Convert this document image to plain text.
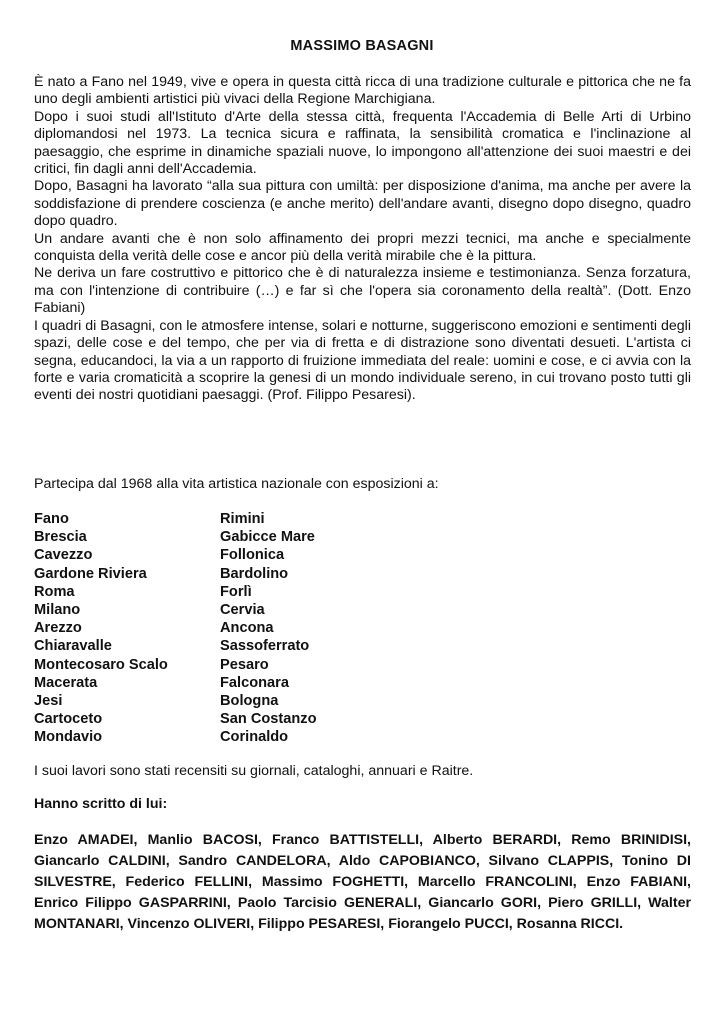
MASSIMO BASAGNI

È nato a Fano nel 1949, vive e opera in questa città ricca di una tradizione culturale e pittorica che ne fa uno degli ambienti artistici più vivaci della Regione Marchigiana.

Dopo i suoi studi all'Istituto d'Arte della stessa città, frequenta l'Accademia di Belle Arti di Urbino diplomandosi nel 1973. La tecnica sicura e raffinata, la sensibilità cromatica e l'inclinazione al paesaggio, che esprime in dinamiche spaziali nuove, lo impongono all'attenzione dei suoi maestri e dei critici, fin dagli anni dell'Accademia.

Dopo, Basagni ha lavorato “alla sua pittura con umiltà: per disposizione d'anima, ma anche per avere la soddisfazione di prendere coscienza (e anche merito) dell'andare avanti, disegno dopo disegno, quadro dopo quadro.

Un andare avanti che è non solo affinamento dei propri mezzi tecnici, ma anche e specialmente conquista della verità delle cose e ancor più della verità mirabile che è la pittura.

Ne deriva un fare costruttivo e pittorico che è di naturalezza insieme e testimonianza. Senza forzatura, ma con l'intenzione di contribuire (…) e far sì che l'opera sia coronamento della realtà”. (Dott. Enzo Fabiani)

I quadri di Basagni, con le atmosfere intense, solari e notturne, suggeriscono emozioni e sentimenti degli spazi, delle cose e del tempo, che per via di fretta e di distrazione sono diventati desueti. L'artista ci segna, educandoci, la via a un rapporto di fruizione immediata del reale: uomini e cose, e ci avvia con la forte e varia cromaticità a scoprire la genesi di un mondo individuale sereno, in cui trovano posto tutti gli eventi dei nostri quotidiani paesaggi. (Prof. Filippo Pesaresi).

Partecipa dal 1968 alla vita artistica nazionale con esposizioni a:
Fano	Rimini
Brescia	Gabicce Mare
Cavezzo	Follonica
Gardone Riviera	Bardolino
Roma	Forlì
Milano	Cervia
Arezzo	Ancona
Chiaravalle	Sassoferrato
Montecosaro Scalo	Pesaro
Macerata	Falconara
Jesi	Bologna
Cartoceto	San Costanzo
Mondavio	Corinaldo
I suoi lavori sono stati recensiti su giornali, cataloghi, annuari e Raitre.
Hanno scritto di lui:
Enzo AMADEI, Manlio BACOSI, Franco BATTISTELLI, Alberto BERARDI, Remo BRINIDISI, Giancarlo CALDINI, Sandro CANDELORA, Aldo CAPOBIANCO, Silvano CLAPPIS, Tonino DI SILVESTRE, Federico FELLINI, Massimo FOGHETTI, Marcello FRANCOLINI, Enzo FABIANI, Enrico Filippo GASPARRINI, Paolo Tarcisio GENERALI, Giancarlo GORI, Piero GRILLI, Walter MONTANARI, Vincenzo OLIVERI, Filippo PESARESI, Fiorangelo PUCCI, Rosanna RICCI.
